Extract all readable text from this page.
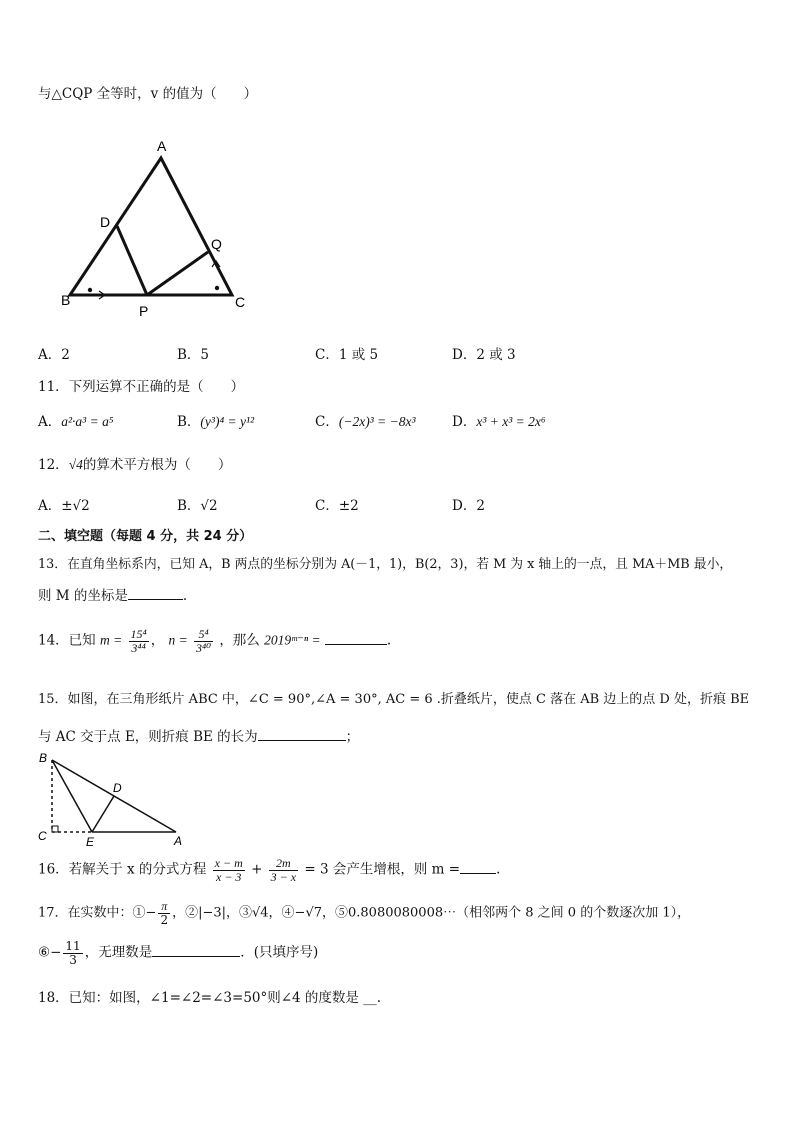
与△CQP 全等时，v 的值为（　　）
A
D
Q
B
P
C
A．2	B．5	C．1 或 5	D．2 或 3
11．下列运算不正确的是（　　）
A．a²·a³ = a⁵	B．(y³)⁴ = y¹²	C．(−2x)³ = −8x³	D．x³ + x³ = 2x⁶
12．√4的算术平方根为（　　）
A．±√2	B．√2	C．±2	D．2
二、填空题（每题 4 分，共 24 分）
13．在直角坐标系内，已知 A，B 两点的坐标分别为 A(－1，1)，B(2，3)，若 M 为 x 轴上的一点，且 MA＋MB 最小，
则 M 的坐标是	.
14．已知 $m = \frac{\text{15⁴}}{\text{3⁴⁴}}$ ， $n = \frac{\text{5⁴}}{\text{3⁴⁰}}$ ，那么 2019ᵐ⁻ⁿ =	.
15．如图，在三角形纸片 ABC 中，∠C = 90°,∠A = 30°, AC = 6 .折叠纸片，使点 C 落在 AB 边上的点 D 处，折痕 BE
与 AC 交于点 E，则折痕 BE 的长为	；
B
D
C	E	A
16．若解关于 x 的分式方程 $\frac{x - m}{x - 3} + \frac{2m}{3 - x} = 3$ 会产生增根，则 m =	.
17．在实数中：①− $\frac{\pi}{2}$ ，②|−3|，③√4，④−√7，⑤0.8080080008⋯（相邻两个 8 之间 0 的个数逐次加 1），
⑥− $\frac{11}{3}$ ，无理数是	．(只填序号)
18．已知：如图，∠1=∠2=∠3=50°则∠4 的度数是 __.
